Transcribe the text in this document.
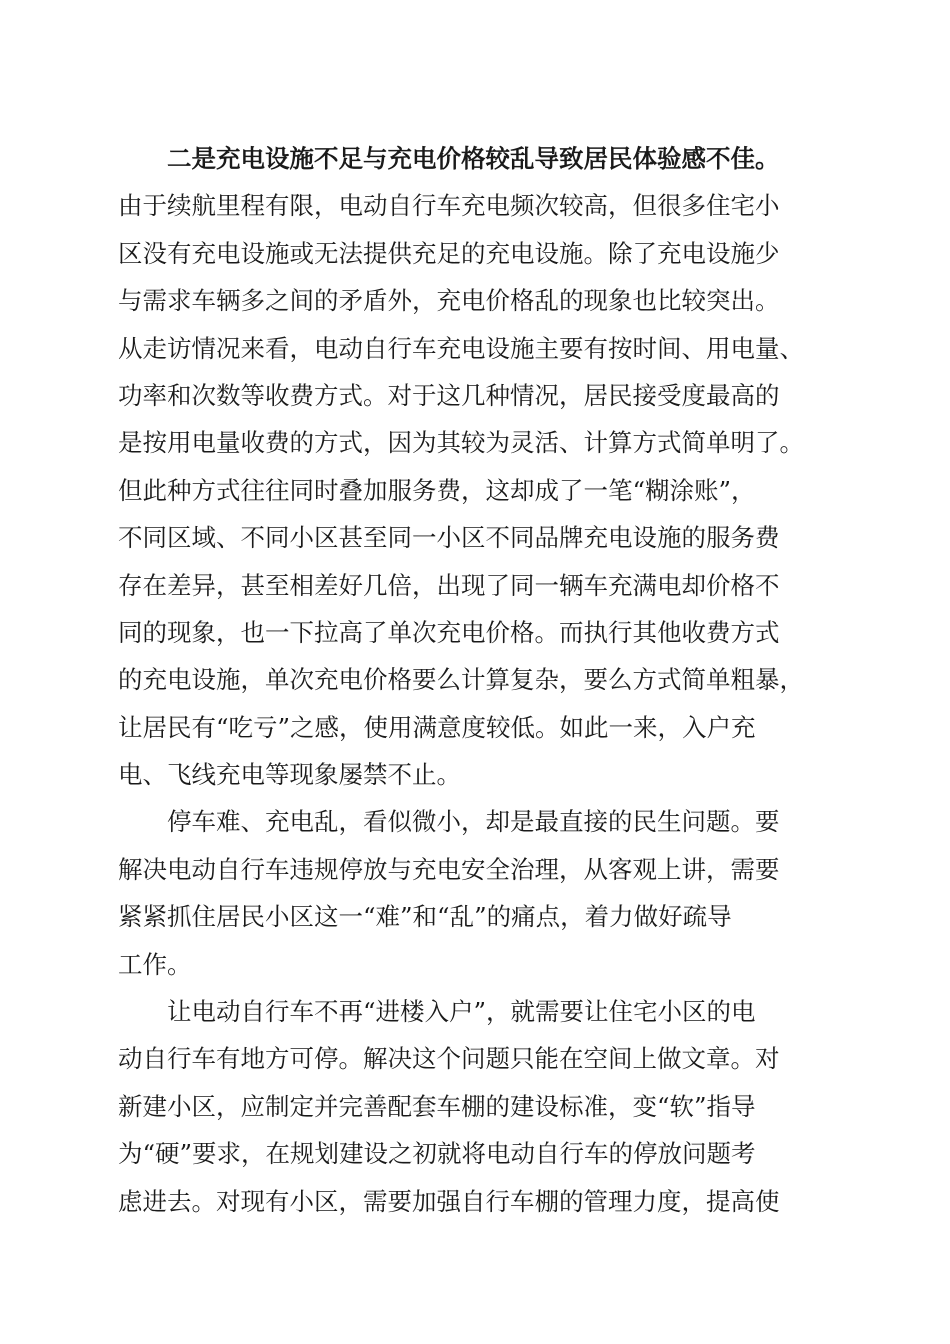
二是充电设施不足与充电价格较乱导致居民体验感不佳。
由于续航里程有限，电动自行车充电频次较高，但很多住宅小
区没有充电设施或无法提供充足的充电设施。除了充电设施少
与需求车辆多之间的矛盾外，充电价格乱的现象也比较突出。
从走访情况来看，电动自行车充电设施主要有按时间、用电量、
功率和次数等收费方式。对于这几种情况，居民接受度最高的
是按用电量收费的方式，因为其较为灵活、计算方式简单明了。
但此种方式往往同时叠加服务费，这却成了一笔“糊涂账”，
不同区域、不同小区甚至同一小区不同品牌充电设施的服务费
存在差异，甚至相差好几倍，出现了同一辆车充满电却价格不
同的现象，也一下拉高了单次充电价格。而执行其他收费方式
的充电设施，单次充电价格要么计算复杂，要么方式简单粗暴，
让居民有“吃亏”之感，使用满意度较低。如此一来，入户充
电、飞线充电等现象屡禁不止。
停车难、充电乱，看似微小，却是最直接的民生问题。要
解决电动自行车违规停放与充电安全治理，从客观上讲，需要
紧紧抓住居民小区这一“难”和“乱”的痛点，着力做好疏导
工作。
让电动自行车不再“进楼入户”，就需要让住宅小区的电
动自行车有地方可停。解决这个问题只能在空间上做文章。对
新建小区，应制定并完善配套车棚的建设标准，变“软”指导
为“硬”要求，在规划建设之初就将电动自行车的停放问题考
虑进去。对现有小区，需要加强自行车棚的管理力度，提高使
